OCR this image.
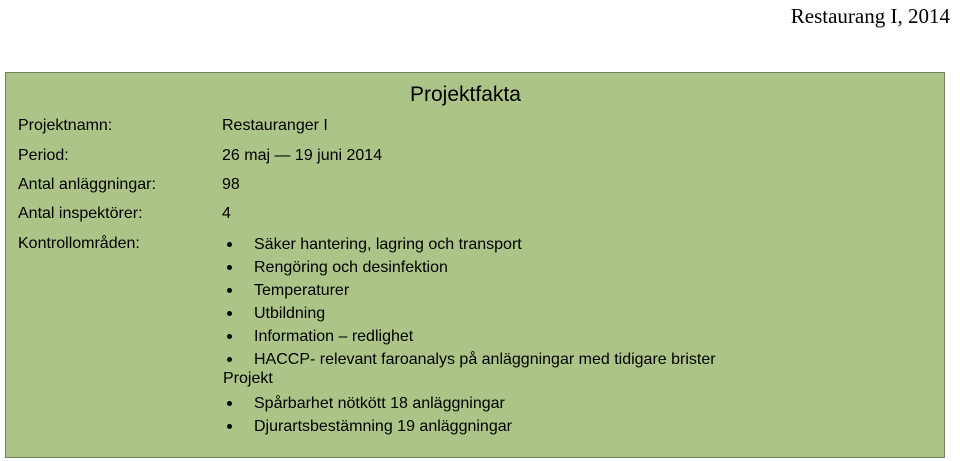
Restaurang I, 2014
Projektfakta
Projektnamn:	Restauranger I
Period:	26 maj — 19 juni 2014
Antal anläggningar:	98
Antal inspektörer:	4
Kontrollområden:	Säker hantering, lagring och transport
Rengöring och desinfektion
Temperaturer
Utbildning
Information – redlighet
HACCP- relevant faroanalys på anläggningar med tidigare brister
Projekt
Spårbarhet nötkött 18 anläggningar
Djurartsbestämning 19 anläggningar
